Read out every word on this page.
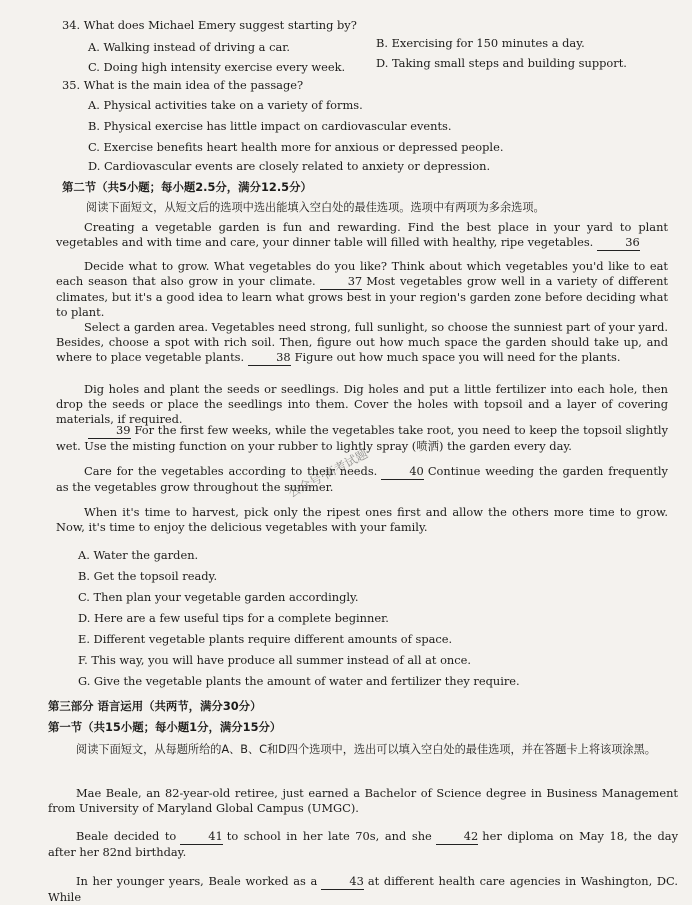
34. What does Michael Emery suggest starting by?
A. Walking instead of driving a car.	B. Exercising for 150 minutes a day.
C. Doing high intensity exercise every week.	D. Taking small steps and building support.
35. What is the main idea of the passage?
A. Physical activities take on a variety of forms.
B. Physical exercise has little impact on cardiovascular events.
C. Exercise benefits heart health more for anxious or depressed people.
D. Cardiovascular events are closely related to anxiety or depression.
第二节（共5小题；每小题2.5分，满分12.5分）
阅读下面短文，从短文后的选项中选出能填入空白处的最佳选项。选项中有两项为多余选项。
Creating a vegetable garden is fun and rewarding. Find the best place in your yard to plant vegetables and with time and care, your dinner table will filled with healthy, ripe vegetables.	36
Decide what to grow. What vegetables do you like? Think about which vegetables you'd like to eat each season that also grow in your climate.	37 Most vegetables grow well in a variety of different climates, but it's a good idea to learn what grows best in your region's garden zone before deciding what to plant.
Select a garden area. Vegetables need strong, full sunlight, so choose the sunniest part of your yard. Besides, choose a spot with rich soil. Then, figure out how much space the garden should take up, and where to place vegetable plants.	38 Figure out how much space you will need for the plants.
Dig holes and plant the seeds or seedlings. Dig holes and put a little fertilizer into each hole, then drop the seeds or place the seedlings into them. Cover the holes with topsoil and a layer of covering materials, if required.
39 For the first few weeks, while the vegetables take root, you need to keep the topsoil slightly wet. Use the misting function on your rubber to lightly spray (喷洒) the garden every day.
Care for the vegetables according to their needs.	40 Continue weeding the garden frequently as the vegetables grow throughout the summer.
When it's time to harvest, pick only the ripest ones first and allow the others more time to grow. Now, it's time to enjoy the delicious vegetables with your family.
A. Water the garden.
B. Get the topsoil ready.
C. Then plan your vegetable garden accordingly.
D. Here are a few useful tips for a complete beginner.
E. Different vegetable plants require different amounts of space.
F. This way, you will have produce all summer instead of all at once.
G. Give the vegetable plants the amount of water and fertilizer they require.
第三部分 语言运用（共两节，满分30分）
第一节（共15小题；每小题1分，满分15分）
阅读下面短文，从每题所给的A、B、C和D四个选项中，选出可以填入空白处的最佳选项，并在答题卡上将该项涂黑。
Mae Beale, an 82-year-old retiree, just earned a Bachelor of Science degree in Business Management from University of Maryland Global Campus (UMGC).
Beale decided to	41 to school in her late 70s, and she	42 her diploma on May 18, the day after her 82nd birthday.
In her younger years, Beale worked as a	43 at different health care agencies in Washington, DC. While
公众号·高考试题
